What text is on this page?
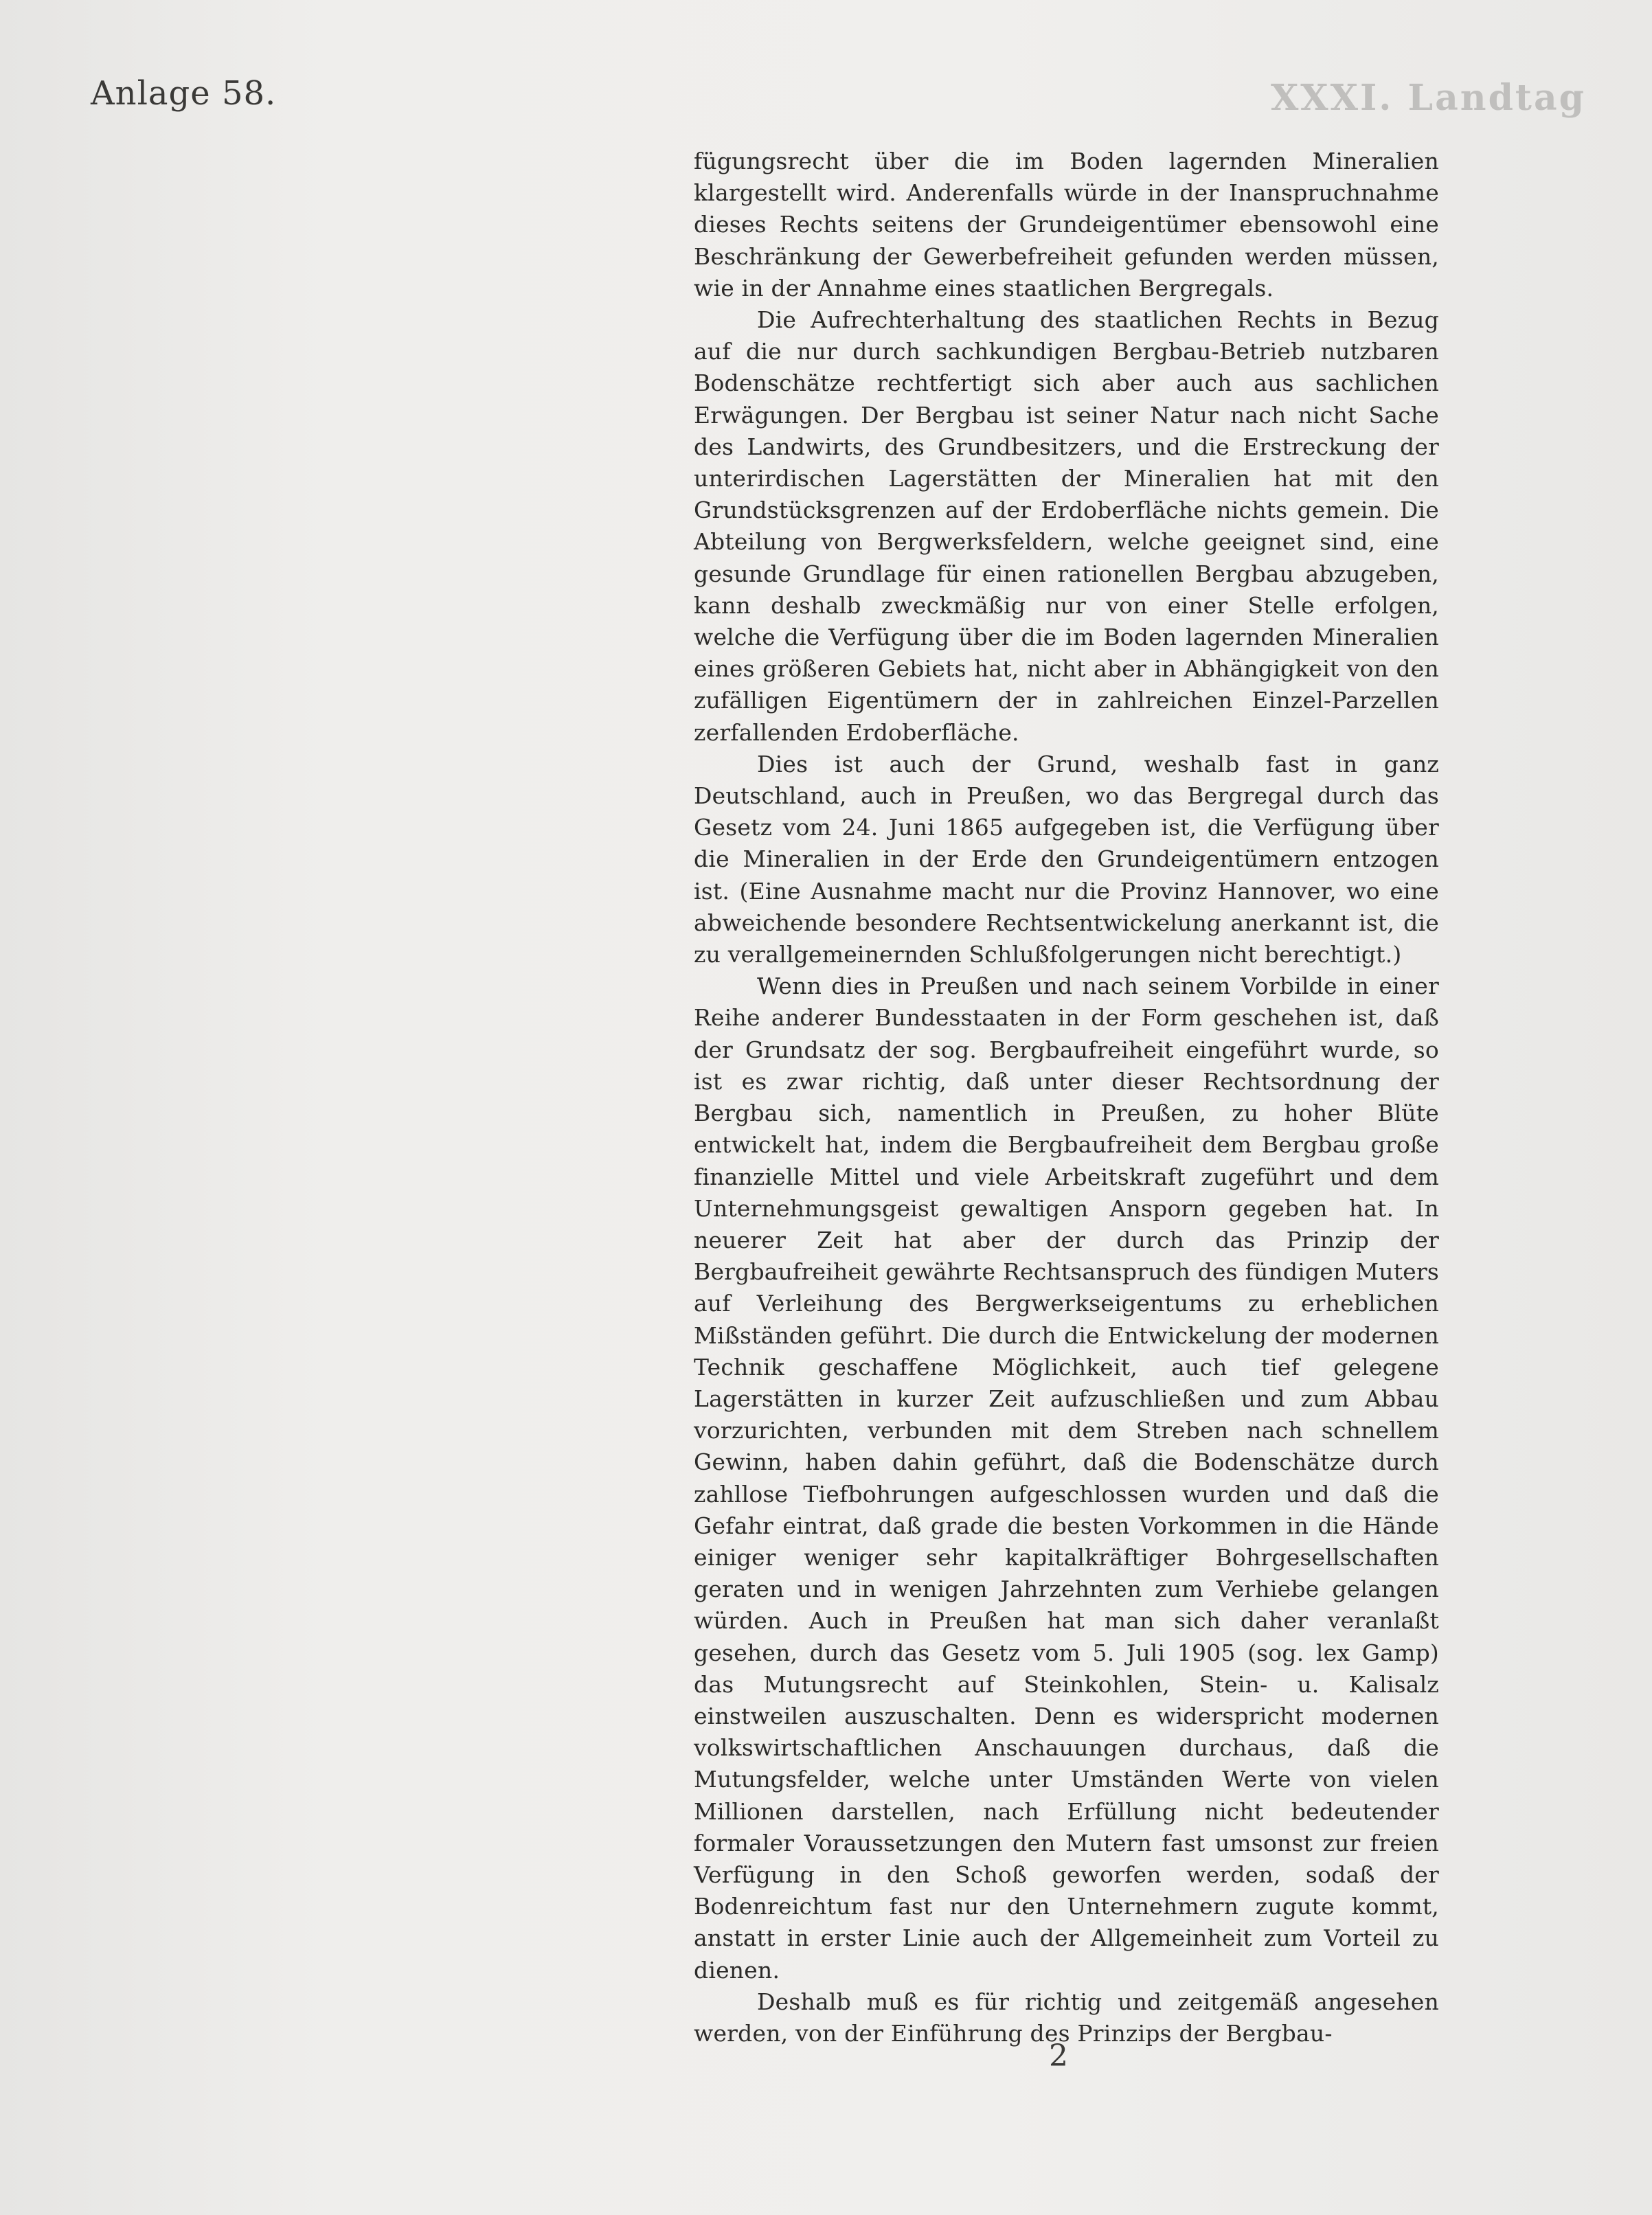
Anlage 58.	XXXI. Landtag

fügungsrecht über die im Boden lagernden Mineralien klargestellt wird. Anderenfalls würde in der Inanspruchnahme dieses Rechts seitens der Grundeigentümer ebensowohl eine Beschränkung der Gewerbefreiheit gefunden werden müssen, wie in der Annahme eines staatlichen Bergregals.

Die Aufrechterhaltung des staatlichen Rechts in Bezug auf die nur durch sachkundigen Bergbau-Betrieb nutzbaren Bodenschätze rechtfertigt sich aber auch aus sachlichen Erwägungen. Der Bergbau ist seiner Natur nach nicht Sache des Landwirts, des Grundbesitzers, und die Erstreckung der unterirdischen Lagerstätten der Mineralien hat mit den Grundstücksgrenzen auf der Erdoberfläche nichts gemein. Die Abteilung von Bergwerksfeldern, welche geeignet sind, eine gesunde Grundlage für einen rationellen Bergbau abzugeben, kann deshalb zweckmäßig nur von einer Stelle erfolgen, welche die Verfügung über die im Boden lagernden Mineralien eines größeren Gebiets hat, nicht aber in Abhängigkeit von den zufälligen Eigentümern der in zahlreichen Einzel-Parzellen zerfallenden Erdoberfläche.

Dies ist auch der Grund, weshalb fast in ganz Deutschland, auch in Preußen, wo das Bergregal durch das Gesetz vom 24. Juni 1865 aufgegeben ist, die Verfügung über die Mineralien in der Erde den Grundeigentümern entzogen ist. (Eine Ausnahme macht nur die Provinz Hannover, wo eine abweichende besondere Rechtsentwickelung anerkannt ist, die zu verallgemeinernden Schlußfolgerungen nicht berechtigt.)

Wenn dies in Preußen und nach seinem Vorbilde in einer Reihe anderer Bundesstaaten in der Form geschehen ist, daß der Grundsatz der sog. Bergbaufreiheit eingeführt wurde, so ist es zwar richtig, daß unter dieser Rechtsordnung der Bergbau sich, namentlich in Preußen, zu hoher Blüte entwickelt hat, indem die Bergbaufreiheit dem Bergbau große finanzielle Mittel und viele Arbeitskraft zugeführt und dem Unternehmungsgeist gewaltigen Ansporn gegeben hat. In neuerer Zeit hat aber der durch das Prinzip der Bergbaufreiheit gewährte Rechtsanspruch des fündigen Muters auf Verleihung des Bergwerkseigentums zu erheblichen Mißständen geführt. Die durch die Entwickelung der modernen Technik geschaffene Möglichkeit, auch tief gelegene Lagerstätten in kurzer Zeit aufzuschließen und zum Abbau vorzurichten, verbunden mit dem Streben nach schnellem Gewinn, haben dahin geführt, daß die Bodenschätze durch zahllose Tiefbohrungen aufgeschlossen wurden und daß die Gefahr eintrat, daß grade die besten Vorkommen in die Hände einiger weniger sehr kapitalkräftiger Bohrgesellschaften geraten und in wenigen Jahrzehnten zum Verhiebe gelangen würden. Auch in Preußen hat man sich daher veranlaßt gesehen, durch das Gesetz vom 5. Juli 1905 (sog. lex Gamp) das Mutungsrecht auf Steinkohlen, Stein- u. Kalisalz einstweilen auszuschalten. Denn es widerspricht modernen volkswirtschaftlichen Anschauungen durchaus, daß die Mutungsfelder, welche unter Umständen Werte von vielen Millionen darstellen, nach Erfüllung nicht bedeutender formaler Voraussetzungen den Mutern fast umsonst zur freien Verfügung in den Schoß geworfen werden, sodaß der Bodenreichtum fast nur den Unternehmern zugute kommt, anstatt in erster Linie auch der Allgemeinheit zum Vorteil zu dienen.

Deshalb muß es für richtig und zeitgemäß angesehen werden, von der Einführung des Prinzips der Bergbau-

2
